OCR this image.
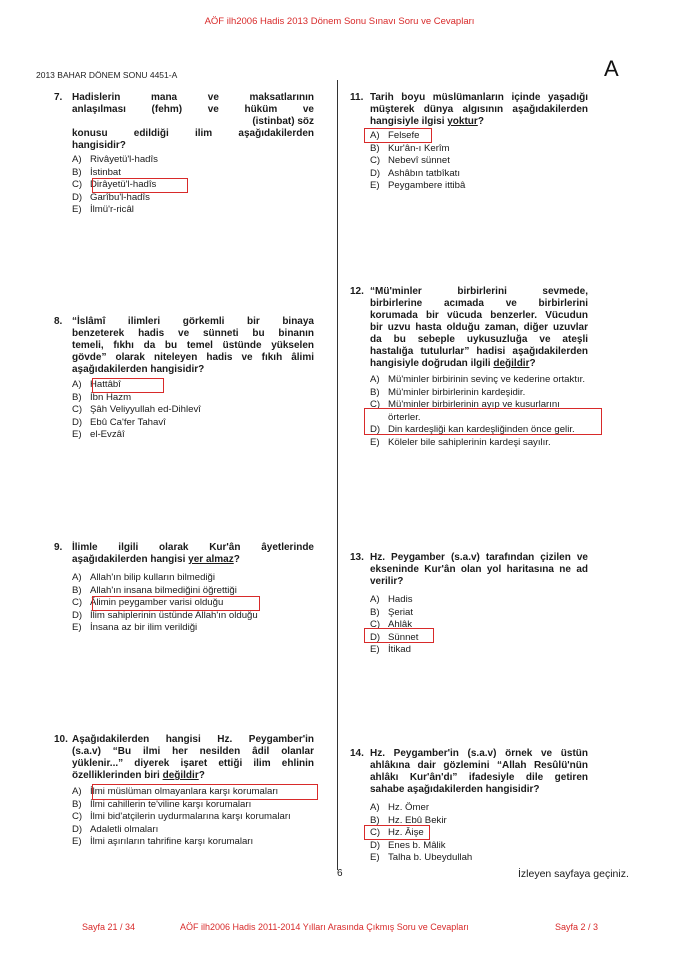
AÖF ilh2006 Hadis 2013 Dönem Sonu Sınavı Soru ve Cevapları
2013 BAHAR DÖNEM SONU 4451-A	A
7. Hadislerin mana ve maksatlarının
anlaşılması (fehm) ve hüküm ve
(istinbat) söz
konusu edildiği ilim aşağıdakilerden
hangisidir?
A) Rivâyetü'l-hadîs
B) İstinbat
C) Dirâyetü'l-hadîs
D) Garîbu'l-hadîs
E) İlmü'r-ricâl
8. “İslâmî ilimleri görkemli bir binaya
benzeterek hadis ve sünneti bu binanın
temeli, fıkhı da bu temel üstünde yükselen
gövde” olarak niteleyen hadis ve fıkıh âlimi
aşağıdakilerden hangisidir?
A) Hattâbî
B) İbn Hazm
C) Şâh Veliyyullah ed-Dihlevî
D) Ebû Ca'fer Tahavî
E) el-Evzâî
9. İlimle ilgili olarak Kur'ân âyetlerinde
aşağıdakilerden hangisi yer almaz?
A) Allah'ın bilip kulların bilmediği
B) Allah'ın insana bilmediğini öğrettiği
C) Âlimin peygamber varisi olduğu
D) İlim sahiplerinin üstünde Allah'ın olduğu
E) İnsana az bir ilim verildiği
10. Aşağıdakilerden hangisi Hz. Peygamber'in
(s.a.v) “Bu ilmi her nesilden âdil olanlar
yüklenir...” diyerek işaret ettiği ilim ehlinin
özelliklerinden biri değildir?
A) İlmi müslüman olmayanlara karşı korumaları
B) İlmi cahillerin te'viline karşı korumaları
C) İlmi bid'atçilerin uydurmalarına karşı korumaları
D) Adaletli olmaları
E) İlmi aşırıların tahrifine karşı korumaları
11. Tarih boyu müslümanların içinde yaşadığı
müşterek dünya algısının aşağıdakilerden
hangisiyle ilgisi yoktur?
A) Felsefe
B) Kur'ân-ı Kerîm
C) Nebevî sünnet
D) Ashâbın tatbîkatı
E) Peygambere ittibâ
12. “Mü'minler birbirlerini sevmede,
birbirlerine acımada ve birbirlerini
korumada bir vücuda benzerler. Vücudun
bir uzvu hasta olduğu zaman, diğer uzuvlar
da bu sebeple uykusuzluğa ve ateşli
hastalığa tutulurlar” hadisi aşağıdakilerden
hangisiyle doğrudan ilgili değildir?
A) Mü'minler birbirinin sevinç ve kederine ortaktır.
B) Mü'minler birbirlerinin kardeşidir.
C) Mü'minler birbirlerinin ayıp ve kusurlarını örterler.
D) Din kardeşliği kan kardeşliğinden önce gelir.
E) Köleler bile sahiplerinin kardeşi sayılır.
13. Hz. Peygamber (s.a.v) tarafından çizilen ve
ekseninde Kur'ân olan yol haritasına ne ad
verilir?
A) Hadis
B) Şeriat
C) Ahlâk
D) Sünnet
E) İtikad
14. Hz. Peygamber'in (s.a.v) örnek ve üstün
ahlâkına dair gözlemini “Allah Resûlü'nün
ahlâkı Kur'ân'dı” ifadesiyle dile getiren
sahabe aşağıdakilerden hangisidir?
A) Hz. Ömer
B) Hz. Ebû Bekir
C) Hz. Âişe
D) Enes b. Mâlik
E) Talha b. Ubeydullah
6	İzleyen sayfaya geçiniz.
Sayfa 21 / 34	AÖF ilh2006 Hadis 2011-2014 Yılları Arasında Çıkmış Soru ve Cevapları	Sayfa 2 / 3
